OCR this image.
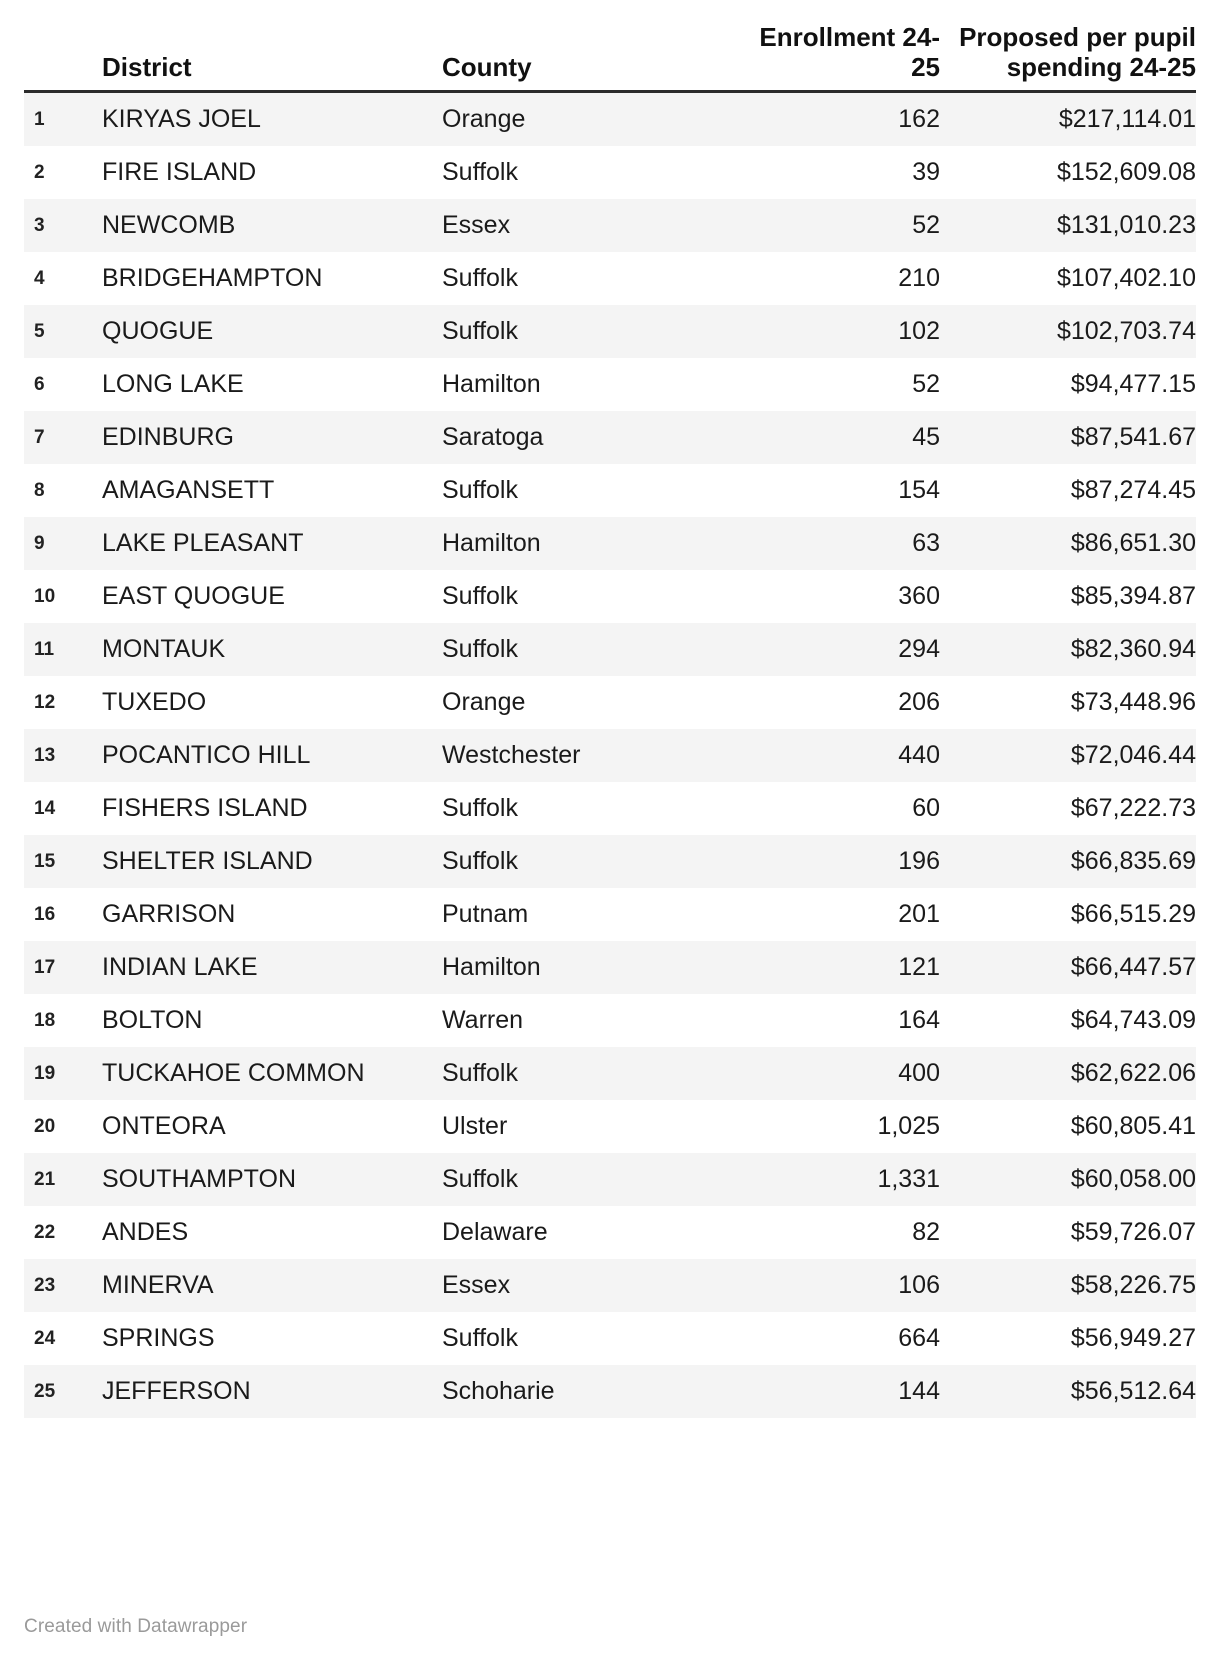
	District	County	Enrollment 24-25	Proposed per pupil spending 24-25
1	KIRYAS JOEL	Orange	162	$217,114.01
2	FIRE ISLAND	Suffolk	39	$152,609.08
3	NEWCOMB	Essex	52	$131,010.23
4	BRIDGEHAMPTON	Suffolk	210	$107,402.10
5	QUOGUE	Suffolk	102	$102,703.74
6	LONG LAKE	Hamilton	52	$94,477.15
7	EDINBURG	Saratoga	45	$87,541.67
8	AMAGANSETT	Suffolk	154	$87,274.45
9	LAKE PLEASANT	Hamilton	63	$86,651.30
10	EAST QUOGUE	Suffolk	360	$85,394.87
11	MONTAUK	Suffolk	294	$82,360.94
12	TUXEDO	Orange	206	$73,448.96
13	POCANTICO HILL	Westchester	440	$72,046.44
14	FISHERS ISLAND	Suffolk	60	$67,222.73
15	SHELTER ISLAND	Suffolk	196	$66,835.69
16	GARRISON	Putnam	201	$66,515.29
17	INDIAN LAKE	Hamilton	121	$66,447.57
18	BOLTON	Warren	164	$64,743.09
19	TUCKAHOE COMMON	Suffolk	400	$62,622.06
20	ONTEORA	Ulster	1,025	$60,805.41
21	SOUTHAMPTON	Suffolk	1,331	$60,058.00
22	ANDES	Delaware	82	$59,726.07
23	MINERVA	Essex	106	$58,226.75
24	SPRINGS	Suffolk	664	$56,949.27
25	JEFFERSON	Schoharie	144	$56,512.64
Created with Datawrapper
